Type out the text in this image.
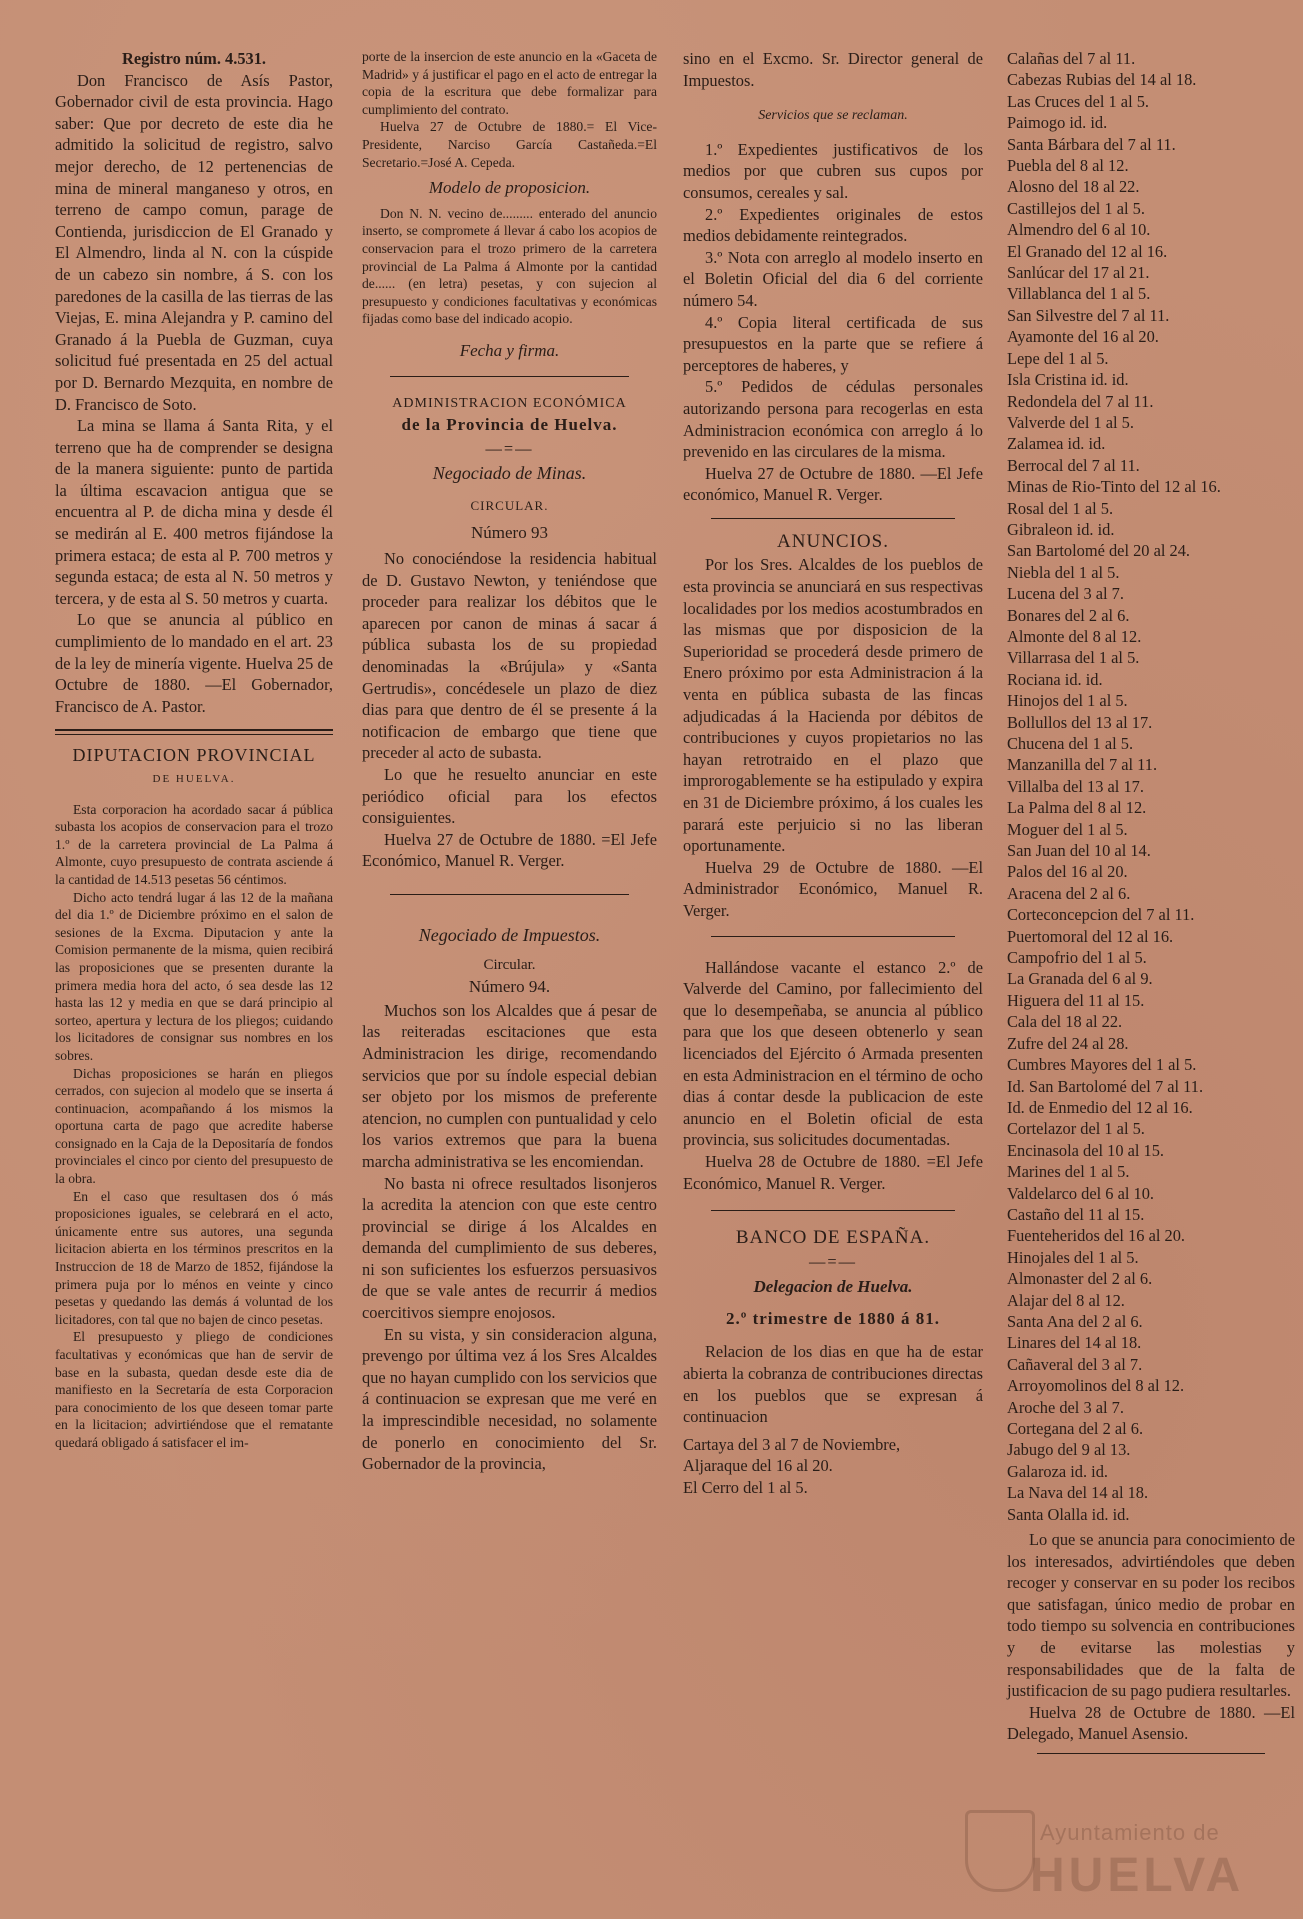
Registro núm. 4.531.

Don Francisco de Asís Pastor, Gobernador civil de esta provincia. Hago saber: Que por decreto de este dia he admitido la solicitud de registro, salvo mejor derecho, de 12 pertenencias de mina de mineral manganeso y otros, en terreno de campo comun, parage de Contienda, jurisdiccion de El Granado y El Almendro, linda al N. con la cúspide de un cabezo sin nombre, á S. con los paredones de la casilla de las tierras de las Viejas, E. mina Alejandra y P. camino del Granado á la Puebla de Guzman, cuya solicitud fué presentada en 25 del actual por D. Bernardo Mezquita, en nombre de D. Francisco de Soto.

La mina se llama á Santa Rita, y el terreno que ha de comprender se designa de la manera siguiente: punto de partida la última escavacion antigua que se encuentra al P. de dicha mina y desde él se medirán al E. 400 metros fijándose la primera estaca; de esta al P. 700 metros y segunda estaca; de esta al N. 50 metros y tercera, y de esta al S. 50 metros y cuarta.

Lo que se anuncia al público en cumplimiento de lo mandado en el art. 23 de la ley de minería vigente. Huelva 25 de Octubre de 1880. —El Gobernador, Francisco de A. Pastor.

DIPUTACION PROVINCIAL
DE HUELVA.

Esta corporacion ha acordado sacar á pública subasta los acopios de conservacion para el trozo 1.º de la carretera provincial de La Palma á Almonte, cuyo presupuesto de contrata asciende á la cantidad de 14.513 pesetas 56 céntimos.

Dicho acto tendrá lugar á las 12 de la mañana del dia 1.º de Diciembre próximo en el salon de sesiones de la Excma. Diputacion y ante la Comision permanente de la misma, quien recibirá las proposiciones que se presenten durante la primera media hora del acto, ó sea desde las 12 hasta las 12 y media en que se dará principio al sorteo, apertura y lectura de los pliegos; cuidando los licitadores de consignar sus nombres en los sobres.

Dichas proposiciones se harán en pliegos cerrados, con sujecion al modelo que se inserta á continuacion, acompañando á los mismos la oportuna carta de pago que acredite haberse consignado en la Caja de la Depositaría de fondos provinciales el cinco por ciento del presupuesto de la obra.

En el caso que resultasen dos ó más proposiciones iguales, se celebrará en el acto, únicamente entre sus autores, una segunda licitacion abierta en los términos prescritos en la Instruccion de 18 de Marzo de 1852, fijándose la primera puja por lo ménos en veinte y cinco pesetas y quedando las demás á voluntad de los licitadores, con tal que no bajen de cinco pesetas.

El presupuesto y pliego de condiciones facultativas y económicas que han de servir de base en la subasta, quedan desde este dia de manifiesto en la Secretaría de esta Corporacion para conocimiento de los que deseen tomar parte en la licitacion; advirtiéndose que el rematante quedará obligado á satisfacer el im-

porte de la insercion de este anuncio en la «Gaceta de Madrid» y á justificar el pago en el acto de entregar la copia de la escritura que debe formalizar para cumplimiento del contrato.

Huelva 27 de Octubre de 1880.= El Vice-Presidente, Narciso García Castañeda.=El Secretario.=José A. Cepeda.

Modelo de proposicion.

Don N. N. vecino de......... enterado del anuncio inserto, se compromete á llevar á cabo los acopios de conservacion para el trozo primero de la carretera provincial de La Palma á Almonte por la cantidad de...... (en letra) pesetas, y con sujecion al presupuesto y condiciones facultativas y económicas fijadas como base del indicado acopio.

Fecha y firma.

ADMINISTRACION ECONÓMICA
de la Provincia de Huelva.
—=—

Negociado de Minas.

CIRCULAR.
Número 93

No conociéndose la residencia habitual de D. Gustavo Newton, y teniéndose que proceder para realizar los débitos que le aparecen por canon de minas á sacar á pública subasta los de su propiedad denominadas la «Brújula» y «Santa Gertrudis», concédesele un plazo de diez dias para que dentro de él se presente á la notificacion de embargo que tiene que preceder al acto de subasta.

Lo que he resuelto anunciar en este periódico oficial para los efectos consiguientes.

Huelva 27 de Octubre de 1880. =El Jefe Económico, Manuel R. Verger.

Negociado de Impuestos.

Circular.
Número 94.

Muchos son los Alcaldes que á pesar de las reiteradas escitaciones que esta Administracion les dirige, recomendando servicios que por su índole especial debian ser objeto por los mismos de preferente atencion, no cumplen con puntualidad y celo los varios extremos que para la buena marcha administrativa se les encomiendan.

No basta ni ofrece resultados lisonjeros la acredita la atencion con que este centro provincial se dirige á los Alcaldes en demanda del cumplimiento de sus deberes, ni son suficientes los esfuerzos persuasivos de que se vale antes de recurrir á medios coercitivos siempre enojosos.

En su vista, y sin consideracion alguna, prevengo por última vez á los Sres Alcaldes que no hayan cumplido con los servicios que á continuacion se expresan que me veré en la imprescindible necesidad, no solamente de ponerlo en conocimiento del Sr. Gobernador de la provincia,

sino en el Excmo. Sr. Director general de Impuestos.

Servicios que se reclaman.

1.º Expedientes justificativos de los medios por que cubren sus cupos por consumos, cereales y sal.

2.º Expedientes originales de estos medios debidamente reintegrados.

3.º Nota con arreglo al modelo inserto en el Boletin Oficial del dia 6 del corriente número 54.

4.º Copia literal certificada de sus presupuestos en la parte que se refiere á perceptores de haberes, y

5.º Pedidos de cédulas personales autorizando persona para recogerlas en esta Administracion económica con arreglo á lo prevenido en las circulares de la misma.

Huelva 27 de Octubre de 1880. —El Jefe económico, Manuel R. Verger.

ANUNCIOS.

Por los Sres. Alcaldes de los pueblos de esta provincia se anunciará en sus respectivas localidades por los medios acostumbrados en las mismas que por disposicion de la Superioridad se procederá desde primero de Enero próximo por esta Administracion á la venta en pública subasta de las fincas adjudicadas á la Hacienda por débitos de contribuciones y cuyos propietarios no las hayan retrotraido en el plazo que improrogablemente se ha estipulado y expira en 31 de Diciembre próximo, á los cuales les parará este perjuicio si no las liberan oportunamente.

Huelva 29 de Octubre de 1880. —El Administrador Económico, Manuel R. Verger.

Hallándose vacante el estanco 2.º de Valverde del Camino, por fallecimiento del que lo desempeñaba, se anuncia al público para que los que deseen obtenerlo y sean licenciados del Ejército ó Armada presenten en esta Administracion en el término de ocho dias á contar desde la publicacion de este anuncio en el Boletin oficial de esta provincia, sus solicitudes documentadas.

Huelva 28 de Octubre de 1880. =El Jefe Económico, Manuel R. Verger.

BANCO DE ESPAÑA.
—=—

Delegacion de Huelva.

2.º trimestre de 1880 á 81.

Relacion de los dias en que ha de estar abierta la cobranza de contribuciones directas en los pueblos que se expresan á continuacion

Cartaya del 3 al 7 de Noviembre,

Aljaraque del 16 al 20.

El Cerro del 1 al 5.

Calañas del 7 al 11.

Cabezas Rubias del 14 al 18.

Las Cruces del 1 al 5.

Paimogo id. id.

Santa Bárbara del 7 al 11.

Puebla del 8 al 12.

Alosno del 18 al 22.

Castillejos del 1 al 5.

Almendro del 6 al 10.

El Granado del 12 al 16.

Sanlúcar del 17 al 21.

Villablanca del 1 al 5.

San Silvestre del 7 al 11.

Ayamonte del 16 al 20.

Lepe del 1 al 5.

Isla Cristina id. id.

Redondela del 7 al 11.

Valverde del 1 al 5.

Zalamea id. id.

Berrocal del 7 al 11.

Minas de Rio-Tinto del 12 al 16.

Rosal del 1 al 5.

Gibraleon id. id.

San Bartolomé del 20 al 24.

Niebla del 1 al 5.

Lucena del 3 al 7.

Bonares del 2 al 6.

Almonte del 8 al 12.

Villarrasa del 1 al 5.

Rociana id. id.

Hinojos del 1 al 5.

Bollullos del 13 al 17.

Chucena del 1 al 5.

Manzanilla del 7 al 11.

Villalba del 13 al 17.

La Palma del 8 al 12.

Moguer del 1 al 5.

San Juan del 10 al 14.

Palos del 16 al 20.

Aracena del 2 al 6.

Corteconcepcion del 7 al 11.

Puertomoral del 12 al 16.

Campofrio del 1 al 5.

La Granada del 6 al 9.

Higuera del 11 al 15.

Cala del 18 al 22.

Zufre del 24 al 28.

Cumbres Mayores del 1 al 5.

Id. San Bartolomé del 7 al 11.

Id. de Enmedio del 12 al 16.

Cortelazor del 1 al 5.

Encinasola del 10 al 15.

Marines del 1 al 5.

Valdelarco del 6 al 10.

Castaño del 11 al 15.

Fuenteheridos del 16 al 20.

Hinojales del 1 al 5.

Almonaster del 2 al 6.

Alajar del 8 al 12.

Santa Ana del 2 al 6.

Linares del 14 al 18.

Cañaveral del 3 al 7.

Arroyomolinos del 8 al 12.

Aroche del 3 al 7.

Cortegana del 2 al 6.

Jabugo del 9 al 13.

Galaroza id. id.

La Nava del 14 al 18.

Santa Olalla id. id.

Lo que se anuncia para conocimiento de los interesados, advirtiéndoles que deben recoger y conservar en su poder los recibos que satisfagan, único medio de probar en todo tiempo su solvencia en contribuciones y de evitarse las molestias y responsabilidades que de la falta de justificacion de su pago pudiera resultarles.

Huelva 28 de Octubre de 1880. —El Delegado, Manuel Asensio.

Ayuntamiento de
HUELVA
